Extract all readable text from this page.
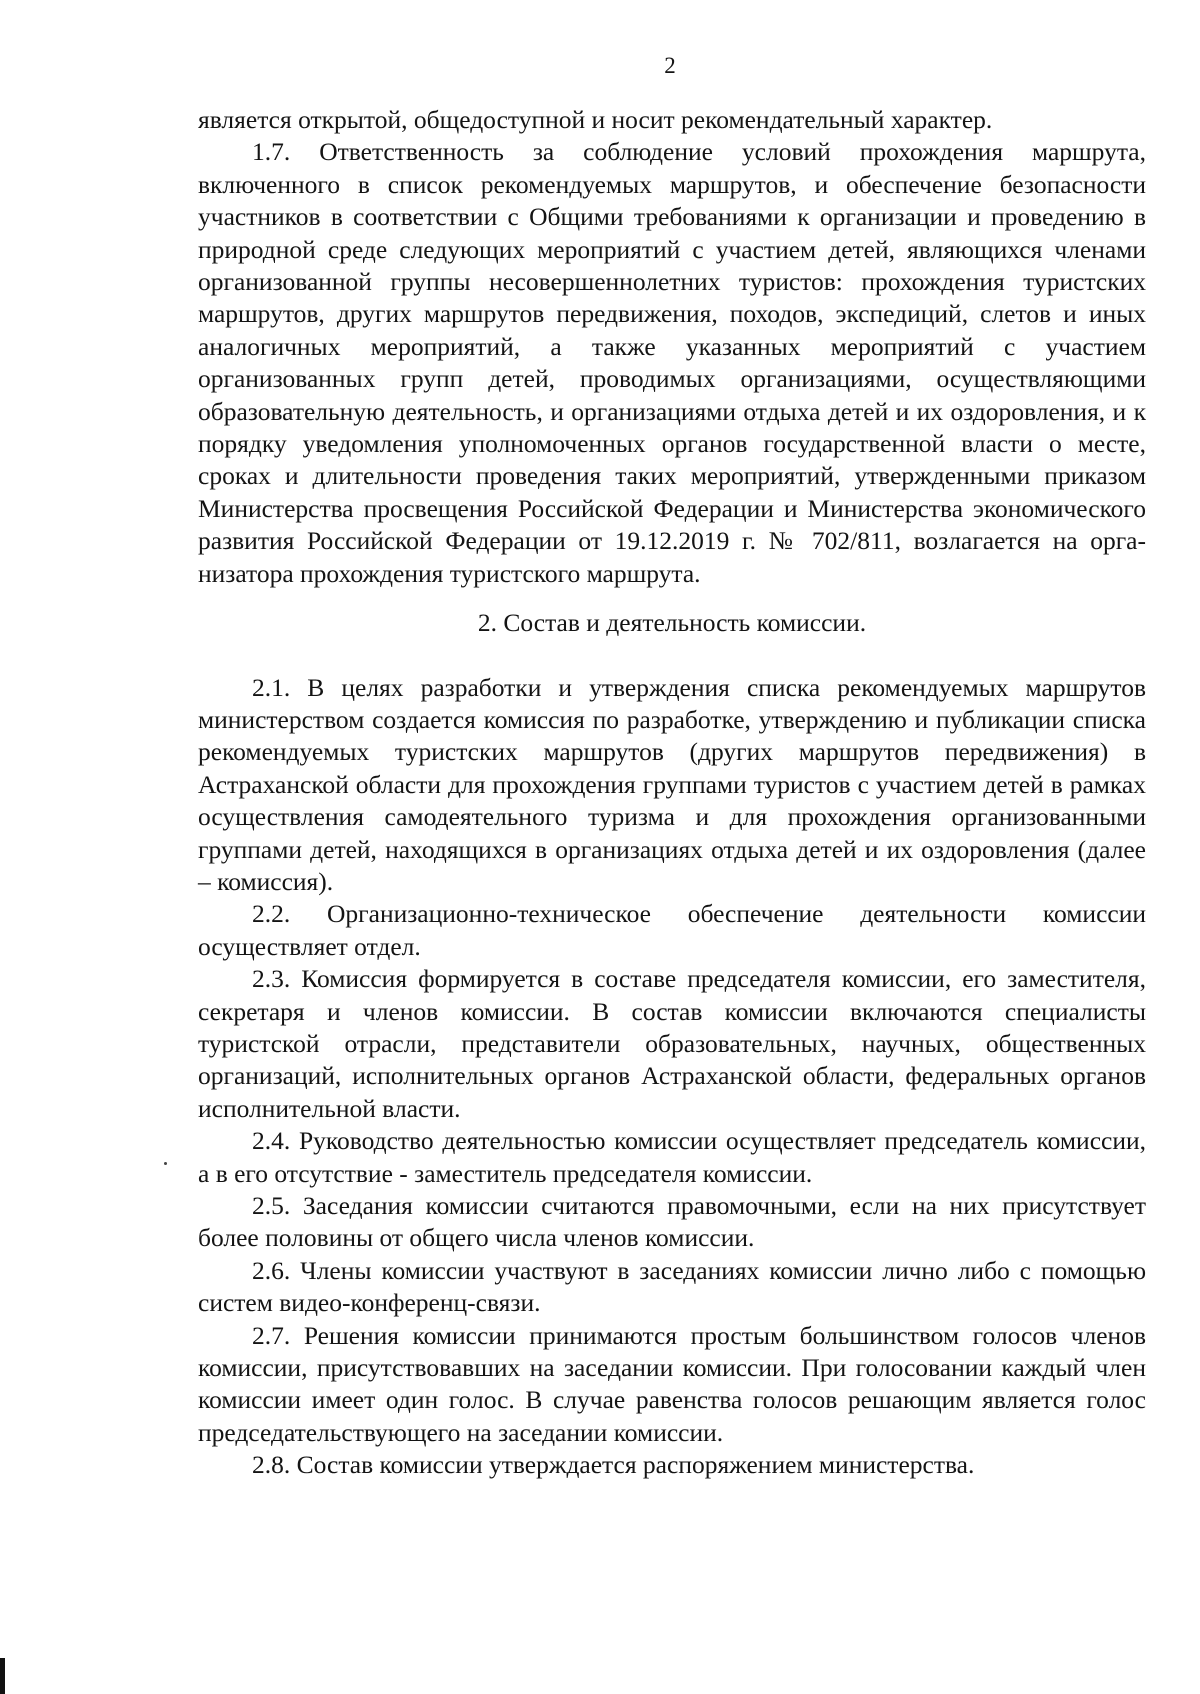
2

является открытой, общедоступной и носит рекомендательный характер.

1.7. Ответственность за соблюдение условий прохождения маршрута, включенного в список рекомендуемых маршрутов, и обеспечение безопасности участников в соответствии с Общими требованиями к организации и проведению в природной среде следующих мероприятий с участием детей, являющихся членами организованной группы несовершеннолетних туристов: прохождения туристских маршрутов, других маршрутов передвижения, походов, экспедиций, слетов и иных аналогичных мероприятий, а также указанных мероприятий с участием организованных групп детей, проводимых организациями, осуществляющими образовательную деятельность, и организациями отдыха детей и их оздоровления, и к порядку уведомления уполномоченных органов государственной власти о месте, сроках и длительности проведения таких мероприятий, утвержденными приказом Министерства просвещения Российской Федерации и Министерства экономического развития Российской Федерации от 19.12.2019 г. № 702/811, возлагается на организатора прохождения туристского маршрута.

2. Состав и деятельность комиссии.

2.1. В целях разработки и утверждения списка рекомендуемых маршрутов министерством создается комиссия по разработке, утверждению и публикации списка рекомендуемых туристских маршрутов (других маршрутов передвижения) в Астраханской области для прохождения группами туристов с участием детей в рамках осуществления самодеятельного туризма и для прохождения организованными группами детей, находящихся в организациях отдыха детей и их оздоровления (далее – комиссия).

2.2. Организационно-техническое обеспечение деятельности комиссии осуществляет отдел.

2.3. Комиссия формируется в составе председателя комиссии, его заместителя, секретаря и членов комиссии. В состав комиссии включаются специалисты туристской отрасли, представители образовательных, научных, общественных организаций, исполнительных органов Астраханской области, федеральных органов исполнительной власти.

2.4. Руководство деятельностью комиссии осуществляет председатель комиссии, а в его отсутствие - заместитель председателя комиссии.

2.5. Заседания комиссии считаются правомочными, если на них присутствует более половины от общего числа членов комиссии.

2.6. Члены комиссии участвуют в заседаниях комиссии лично либо с помощью систем видео-конференц-связи.

2.7. Решения комиссии принимаются простым большинством голосов членов комиссии, присутствовавших на заседании комиссии. При голосовании каждый член комиссии имеет один голос. В случае равенства голосов решающим является голос председательствующего на заседании комиссии.

2.8. Состав комиссии утверждается распоряжением министерства.
